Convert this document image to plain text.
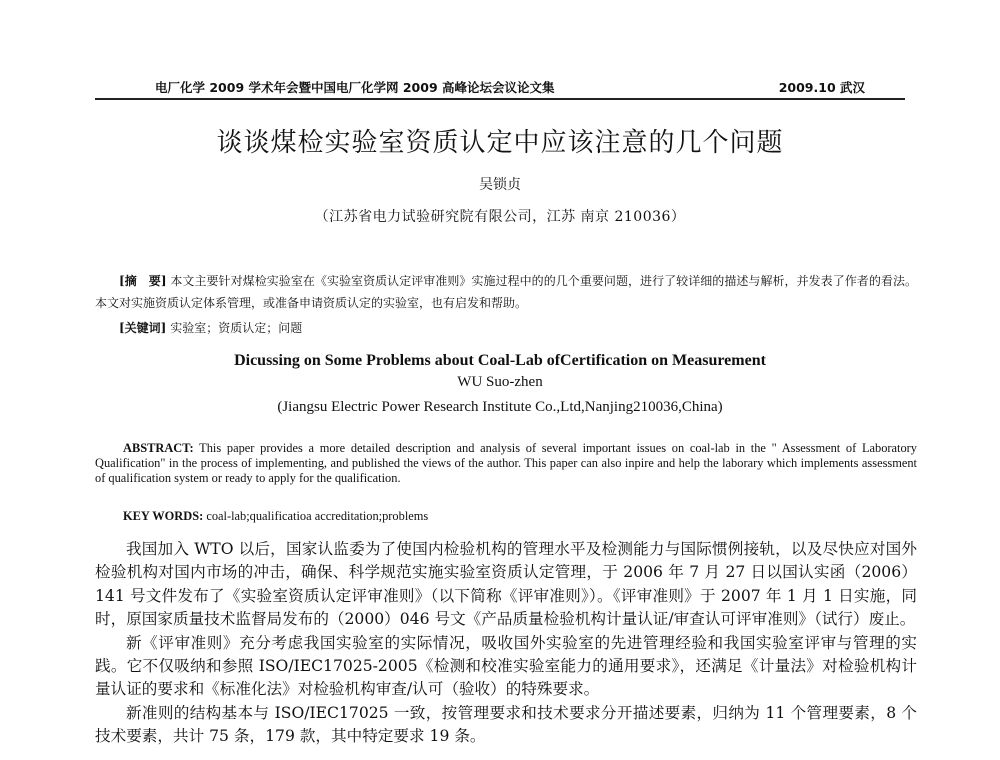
电厂化学 2009 学术年会暨中国电厂化学网 2009 高峰论坛会议论文集	2009.10 武汉
谈谈煤检实验室资质认定中应该注意的几个问题
吴锁贞
（江苏省电力试验研究院有限公司，江苏 南京 210036）
[摘　要] 本文主要针对煤检实验室在《实验室资质认定评审准则》实施过程中的的几个重要问题，进行了较详细的描述与解析，并发表了作者的看法。本文对实施资质认定体系管理，或准备申请资质认定的实验室，也有启发和帮助。
[关键词] 实验室；资质认定；问题
Dicussing on Some Problems about Coal-Lab ofCertification on Measurement
WU Suo-zhen
(Jiangsu Electric Power Research Institute Co.,Ltd,Nanjing210036,China)
ABSTRACT: This paper provides a more detailed description and analysis of several important issues on coal-lab in the " Assessment of Laboratory Qualification" in the process of implementing, and published the views of the author. This paper can also inpire and help the laborary which implements assessment of qualification system or ready to apply for the qualification.
KEY WORDS: coal-lab;qualificatioa accreditation;problems

我国加入 WTO 以后，国家认监委为了使国内检验机构的管理水平及检测能力与国际惯例接轨，以及尽快应对国外检验机构对国内市场的冲击，确保、科学规范实施实验室资质认定管理，于 2006 年 7 月 27 日以国认实函（2006）141 号文件发布了《实验室资质认定评审准则》（以下简称《评审准则》）。《评审准则》于 2007 年 1 月 1 日实施，同时，原国家质量技术监督局发布的（2000）046 号文《产品质量检验机构计量认证/审查认可评审准则》（试行）废止。

新《评审准则》充分考虑我国实验室的实际情况，吸收国外实验室的先进管理经验和我国实验室评审与管理的实践。它不仅吸纳和参照 ISO/IEC17025-2005《检测和校准实验室能力的通用要求》，还满足《计量法》对检验机构计量认证的要求和《标准化法》对检验机构审查/认可（验收）的特殊要求。

新准则的结构基本与 ISO/IEC17025 一致，按管理要求和技术要求分开描述要素，归纳为 11 个管理要素，8 个技术要素，共计 75 条，179 款，其中特定要求 19 条。
